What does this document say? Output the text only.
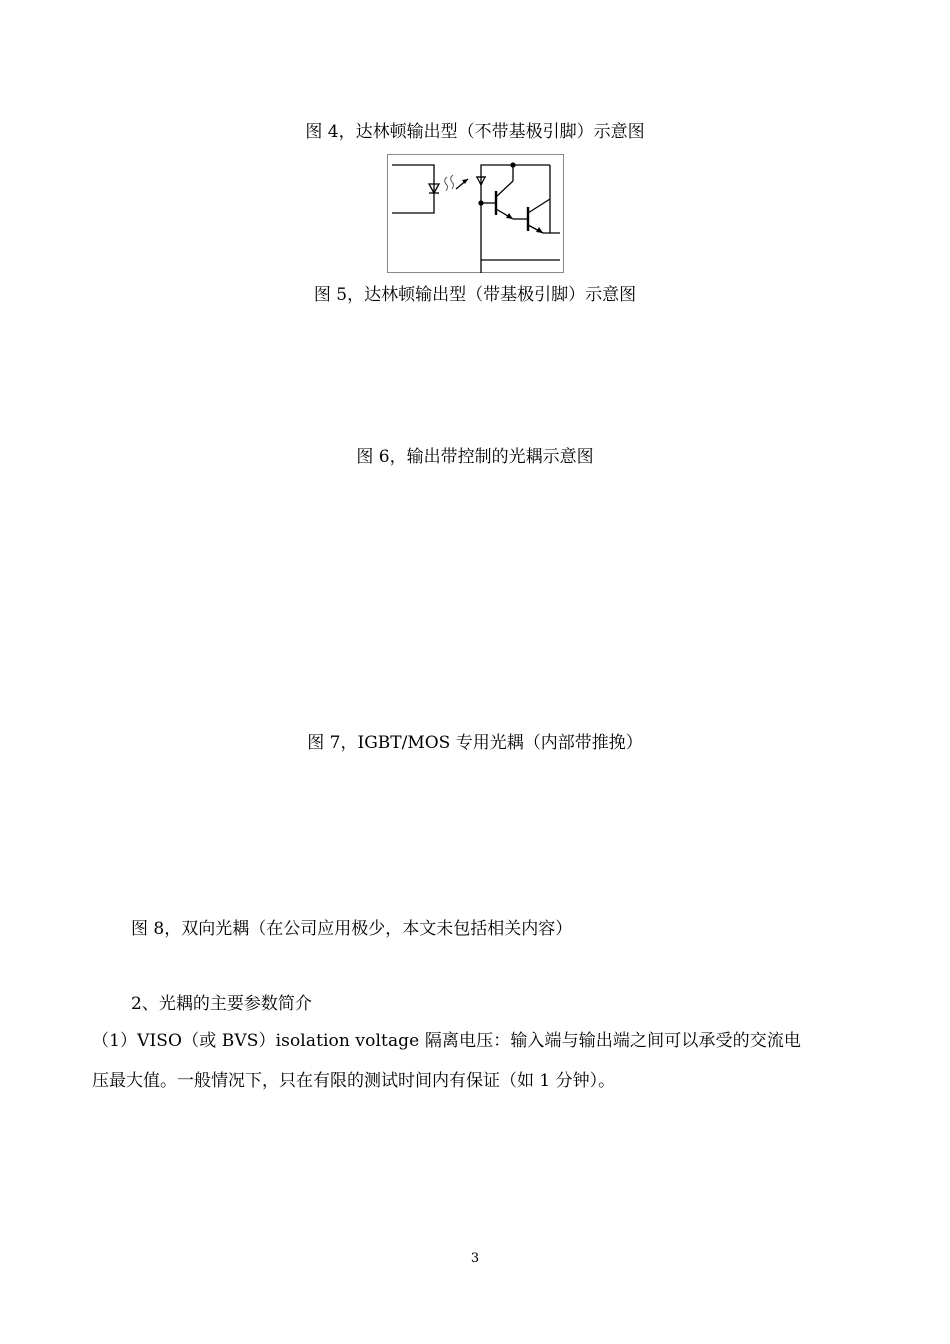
图 4，达林顿输出型（不带基极引脚）示意图
图 5，达林顿输出型（带基极引脚）示意图
图 6，输出带控制的光耦示意图
图 7，IGBT/MOS 专用光耦（内部带推挽）
图 8，双向光耦（在公司应用极少，本文未包括相关内容）
2、光耦的主要参数简介
（1）VISO（或 BVS）isolation voltage 隔离电压：输入端与输出端之间可以承受的交流电
压最大值。一般情况下，只在有限的测试时间内有保证（如 1 分钟）。
3
